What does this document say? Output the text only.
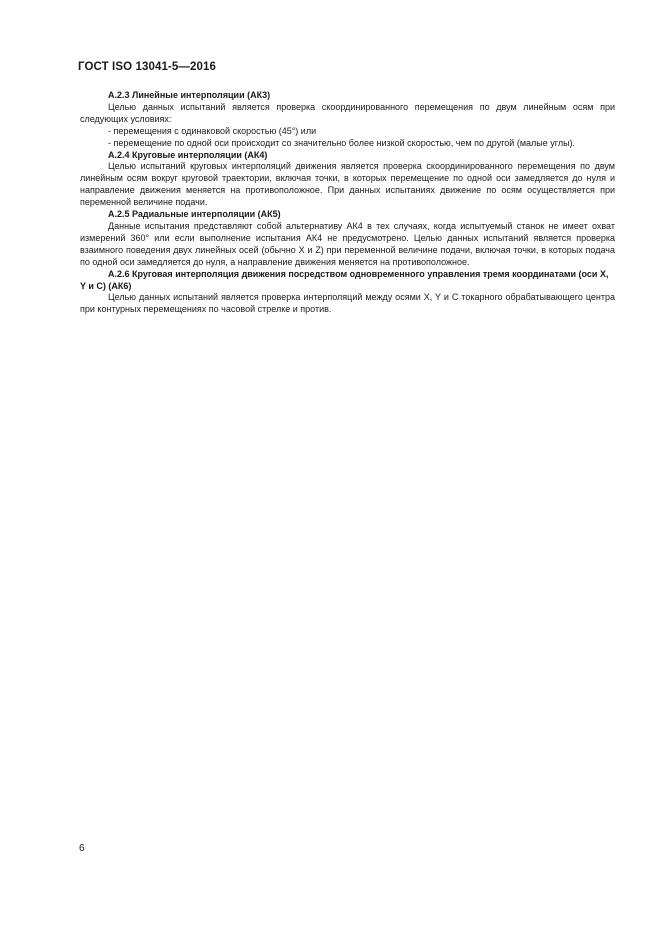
ГОСТ ISO 13041-5—2016
А.2.3 Линейные интерполяции (АК3)

Целью данных испытаний является проверка скоординированного перемещения по двум линейным осям при следующих условиях:

- перемещения с одинаковой скоростью (45°) или

- перемещение по одной оси происходит со значительно более низкой скоростью, чем по другой (малые углы).

А.2.4 Круговые интерполяции (АК4)

Целью испытаний круговых интерполяций движения является проверка скоординированного перемещения по двум линейным осям вокруг круговой траектории, включая точки, в которых перемещение по одной оси замедляется до нуля и направление движения меняется на противоположное. При данных испытаниях движение по осям осуществляется при переменной величине подачи.

А.2.5 Радиальные интерполяции (АК5)

Данные испытания представляют собой альтернативу АК4 в тех случаях, когда испытуемый станок не имеет охват измерений 360° или если выполнение испытания АК4 не предусмотрено. Целью данных испытаний является проверка взаимного поведения двух линейных осей (обычно X и Z) при переменной величине подачи, включая точки, в которых подача по одной оси замедляется до нуля, а направление движения меняется на противоположное.

А.2.6 Круговая интерполяция движения посредством одновременного управления тремя координатами (оси X, Y и C) (АК6)

Целью данных испытаний является проверка интерполяций между осями X, Y и C токарного обрабатывающего центра при контурных перемещениях по часовой стрелке и против.

6
